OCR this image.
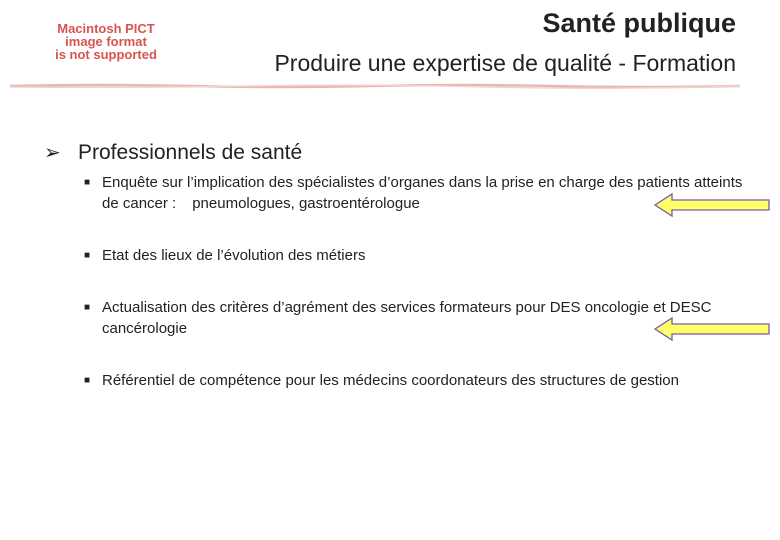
Macintosh PICT
image format
is not supported
Santé publique
Produire une expertise de qualité - Formation
➢ Professionnels de santé
■ Enquête sur l’implication des spécialistes d’organes dans la prise en charge des patients atteints de cancer : pneumologues, gastroentérologue
■ Etat des lieux de l’évolution des métiers
■ Actualisation des critères d’agrément des services formateurs pour DES oncologie et DESC cancérologie
■ Référentiel de compétence pour les médecins coordonateurs des structures de gestion
